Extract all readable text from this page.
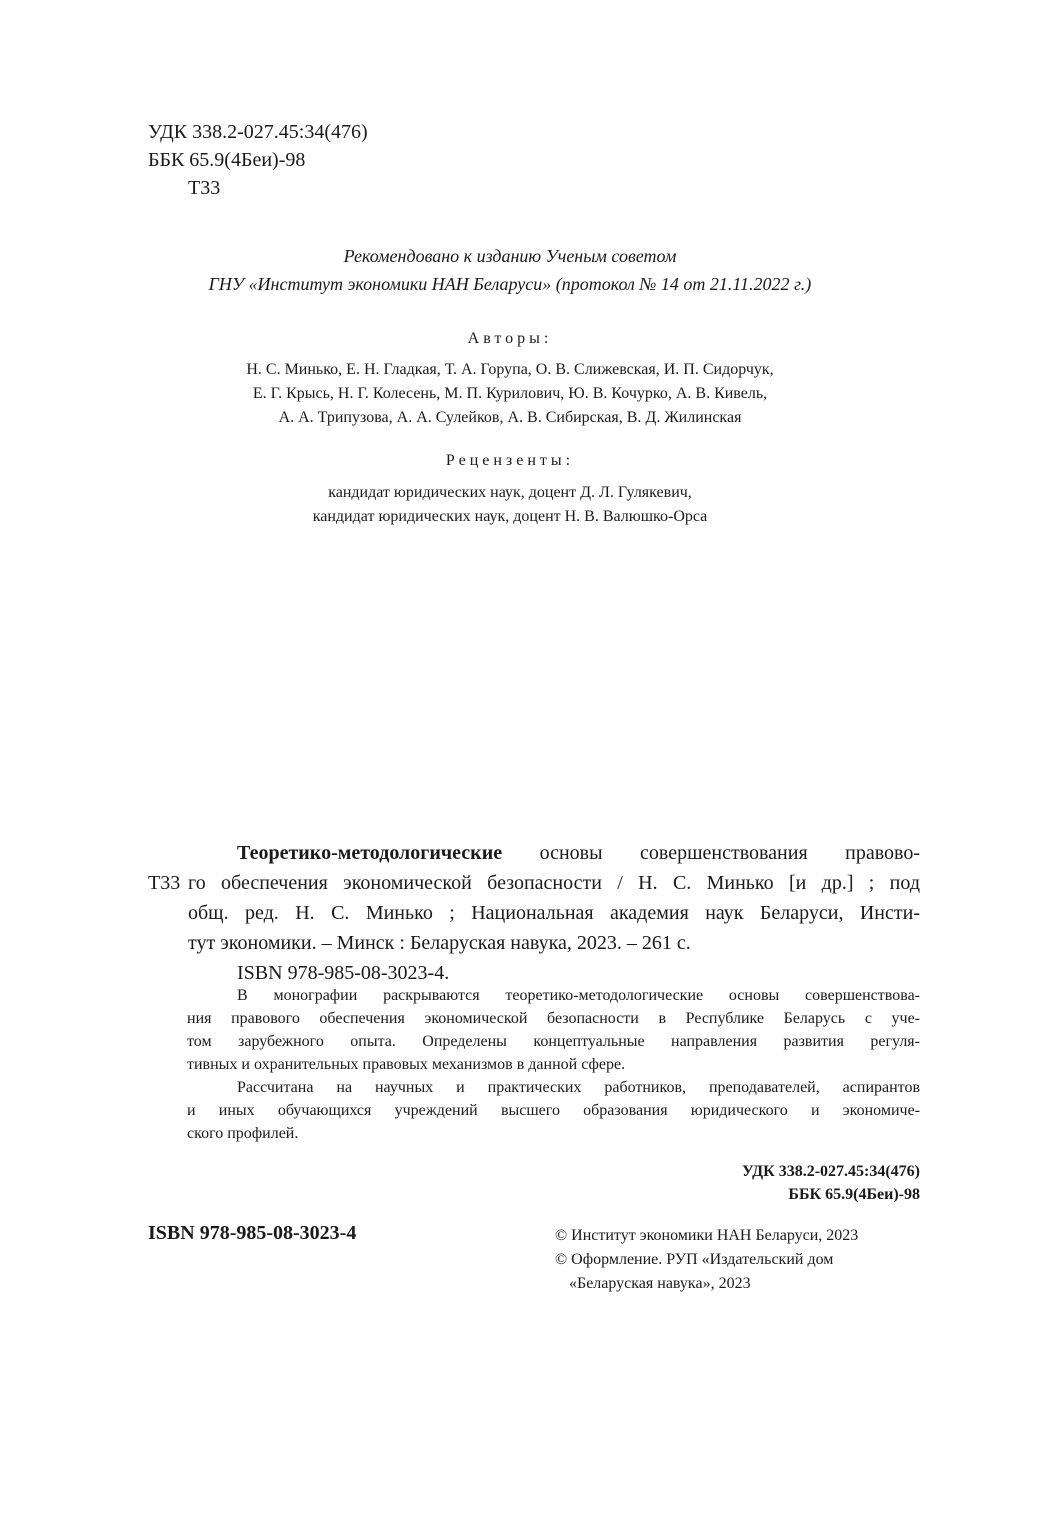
УДК 338.2-027.45:34(476)
ББК 65.9(4Беи)-98
Т33
Рекомендовано к изданию Ученым советом
ГНУ «Институт экономики НАН Беларуси» (протокол № 14 от 21.11.2022 г.)
Авторы:
Н. С. Минько, Е. Н. Гладкая, Т. А. Горупа, О. В. Слижевская, И. П. Сидорчук,
Е. Г. Крысь, Н. Г. Колесень, М. П. Курилович, Ю. В. Кочурко, А. В. Кивель,
А. А. Трипузова, А. А. Сулейков, А. В. Сибирская, В. Д. Жилинская
Рецензенты:
кандидат юридических наук, доцент Д. Л. Гулякевич,
кандидат юридических наук, доцент Н. В. Валюшко-Орса
Т33
Теоретико-методологические основы совершенствования правово-
го обеспечения экономической безопасности / Н. С. Минько [и др.] ; под
общ. ред. Н. С. Минько ; Национальная академия наук Беларуси, Инсти-
тут экономики. – Минск : Беларуская навука, 2023. – 261 с.
ISBN 978-985-08-3023-4.
В монографии раскрываются теоретико-методологические основы совершенствова-
ния правового обеспечения экономической безопасности в Республике Беларусь с уче-
том зарубежного опыта. Определены концептуальные направления развития регуля-
тивных и охранительных правовых механизмов в данной сфере.
Рассчитана на научных и практических работников, преподавателей, аспирантов
и иных обучающихся учреждений высшего образования юридического и экономиче-
ского профилей.
УДК 338.2-027.45:34(476)
ББК 65.9(4Беи)-98
ISBN 978-985-08-3023-4	© Институт экономики НАН Беларуси, 2023
© Оформление. РУП «Издательский дом
«Беларуская навука», 2023
